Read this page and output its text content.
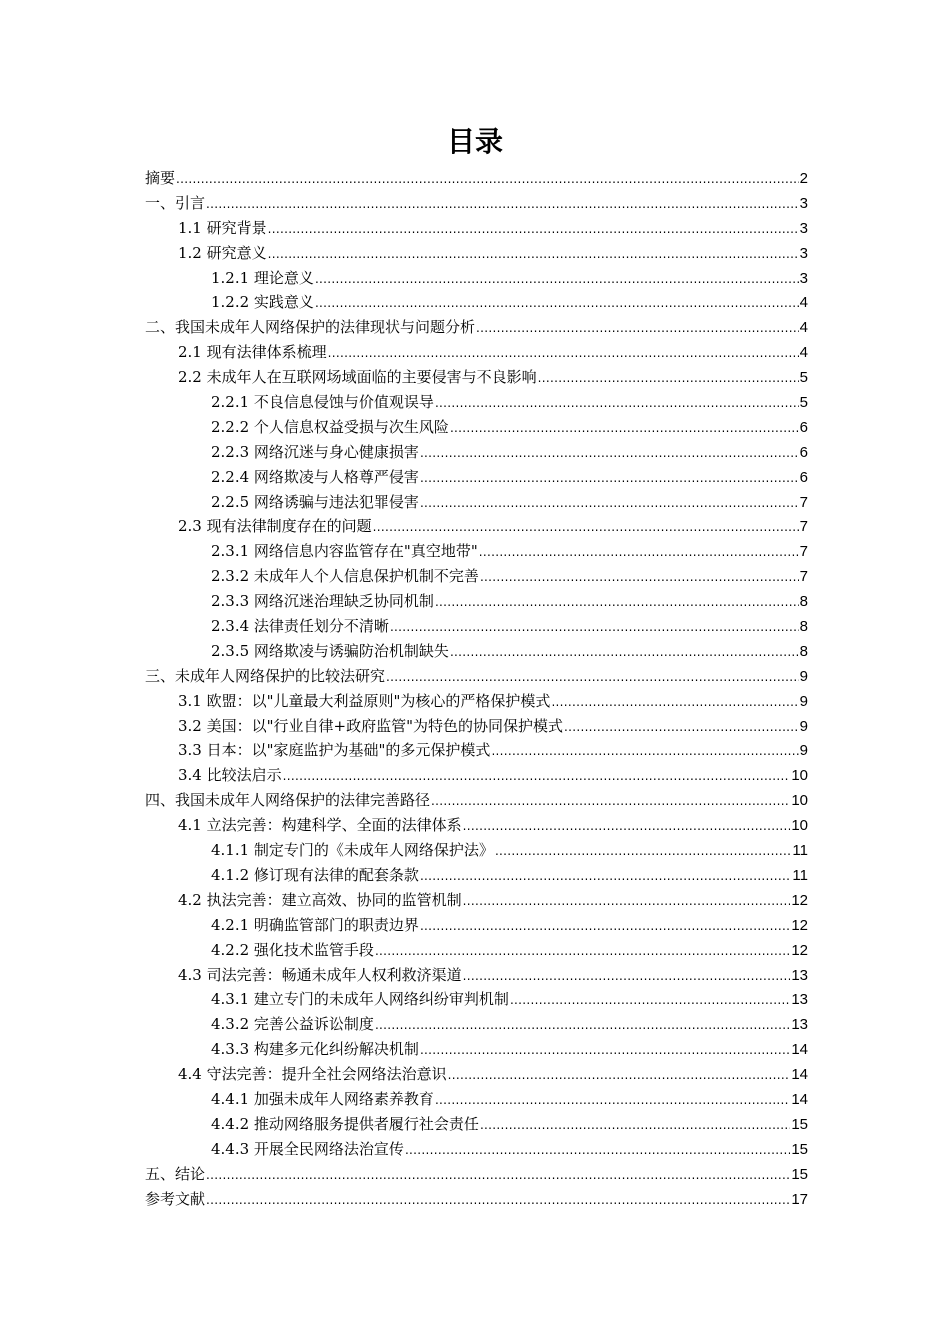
目录
摘要 .....	2
一、引言 .....	3
1.1 研究背景 .....	3
1.2 研究意义 .....	3
1.2.1 理论意义 .....	3
1.2.2 实践意义 .....	4
二、我国未成年人网络保护的法律现状与问题分析 .....	4
2.1 现有法律体系梳理 .....	4
2.2 未成年人在互联网场域面临的主要侵害与不良影响 .....	5
2.2.1 不良信息侵蚀与价值观误导 .....	5
2.2.2 个人信息权益受损与次生风险 .....	6
2.2.3 网络沉迷与身心健康损害 .....	6
2.2.4 网络欺凌与人格尊严侵害 .....	6
2.2.5 网络诱骗与违法犯罪侵害 .....	7
2.3 现有法律制度存在的问题 .....	7
2.3.1 网络信息内容监管存在"真空地带" .....	7
2.3.2 未成年人个人信息保护机制不完善 .....	7
2.3.3 网络沉迷治理缺乏协同机制 .....	8
2.3.4 法律责任划分不清晰 .....	8
2.3.5 网络欺凌与诱骗防治机制缺失 .....	8
三、未成年人网络保护的比较法研究 .....	9
3.1 欧盟：以"儿童最大利益原则"为核心的严格保护模式 .....	9
3.2 美国：以"行业自律+政府监管"为特色的协同保护模式 .....	9
3.3 日本：以"家庭监护为基础"的多元保护模式 .....	9
3.4 比较法启示 .....	10
四、我国未成年人网络保护的法律完善路径 .....	10
4.1 立法完善：构建科学、全面的法律体系 .....	10
4.1.1 制定专门的《未成年人网络保护法》 .....	11
4.1.2 修订现有法律的配套条款 .....	11
4.2 执法完善：建立高效、协同的监管机制 .....	12
4.2.1 明确监管部门的职责边界 .....	12
4.2.2 强化技术监管手段 .....	12
4.3 司法完善：畅通未成年人权利救济渠道 .....	13
4.3.1 建立专门的未成年人网络纠纷审判机制 .....	13
4.3.2 完善公益诉讼制度 .....	13
4.3.3 构建多元化纠纷解决机制 .....	14
4.4 守法完善：提升全社会网络法治意识 .....	14
4.4.1 加强未成年人网络素养教育 .....	14
4.4.2 推动网络服务提供者履行社会责任 .....	15
4.4.3 开展全民网络法治宣传 .....	15
五、结论 .....	15
参考文献 .....	17
